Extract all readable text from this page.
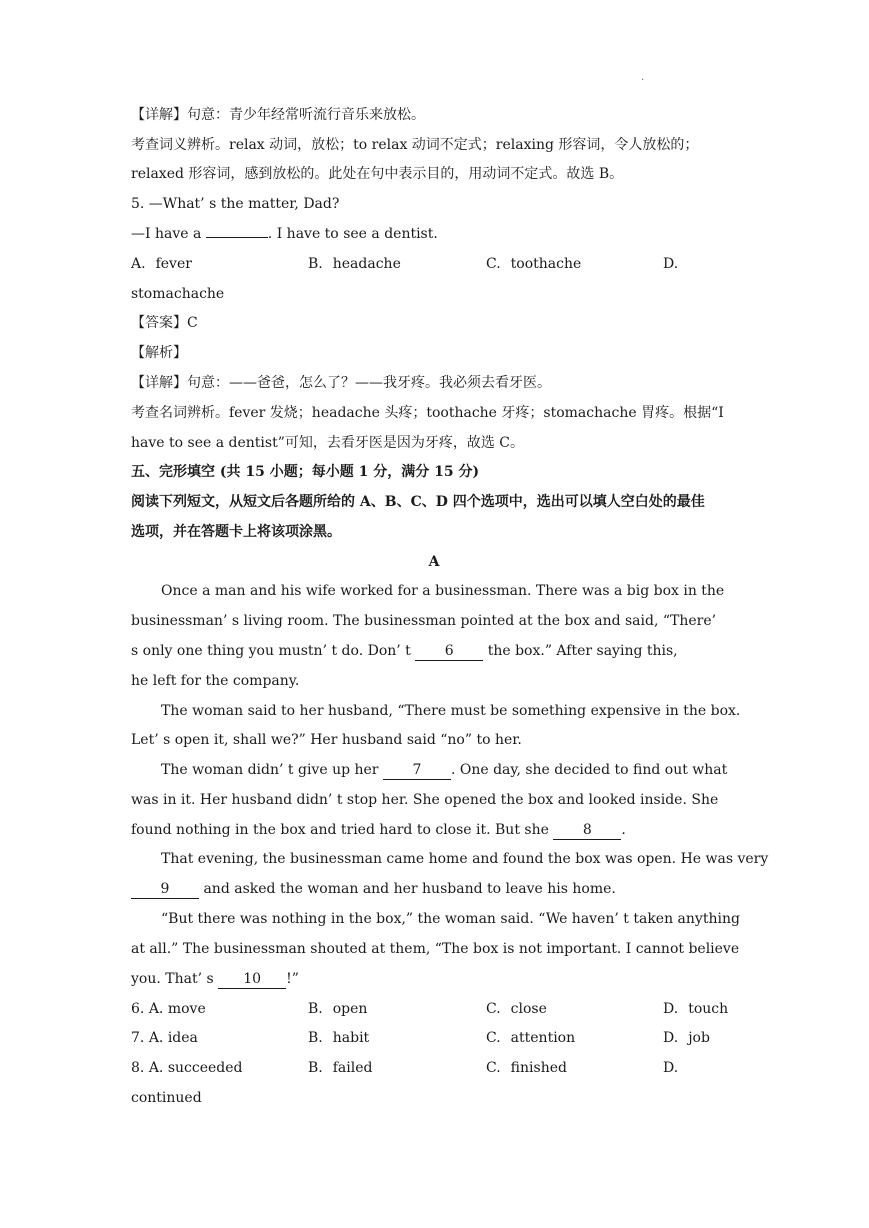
.
【详解】句意：青少年经常听流行音乐来放松。
考查词义辨析。relax 动词，放松；to relax 动词不定式；relaxing 形容词，令人放松的；
relaxed 形容词，感到放松的。此处在句中表示目的，用动词不定式。故选 B。
5. —What’ s the matter, Dad?
—I have a	. I have to see a dentist.
A. fever	B. headache	C. toothache	D.
stomachache
【答案】C
【解析】
【详解】句意：——爸爸，怎么了？——我牙疼。我必须去看牙医。
考查名词辨析。fever 发烧；headache 头疼；toothache 牙疼；stomachache 胃疼。根据“I
have to see a dentist”可知，去看牙医是因为牙疼，故选 C。
五、完形填空 (共 15 小题；每小题 1 分，满分 15 分)
阅读下列短文，从短文后各题所给的 A、B、C、D 四个选项中，选出可以填人空白处的最佳
选项，并在答题卡上将该项涂黑。
A
Once a man and his wife worked for a businessman. There was a big box in the
businessman’ s living room. The businessman pointed at the box and said, “There’
s only one thing you mustn’ t do. Don’ t 6 the box.” After saying this,
he left for the company.
The woman said to her husband, “There must be something expensive in the box.
Let’ s open it, shall we?” Her husband said “no” to her.
The woman didn’ t give up her 7 . One day, she decided to find out what
was in it. Her husband didn’ t stop her. She opened the box and looked inside. She
found nothing in the box and tried hard to close it. But she 8 .
That evening, the businessman came home and found the box was open. He was very
9 and asked the woman and her husband to leave his home.
“But there was nothing in the box,” the woman said. “We haven’ t taken anything
at all.” The businessman shouted at them, “The box is not important. I cannot believe
you. That’ s 10 !”
6. A. move	B. open	C. close	D. touch
7. A. idea	B. habit	C. attention	D. job
8. A. succeeded	B. failed	C. finished	D.
continued
